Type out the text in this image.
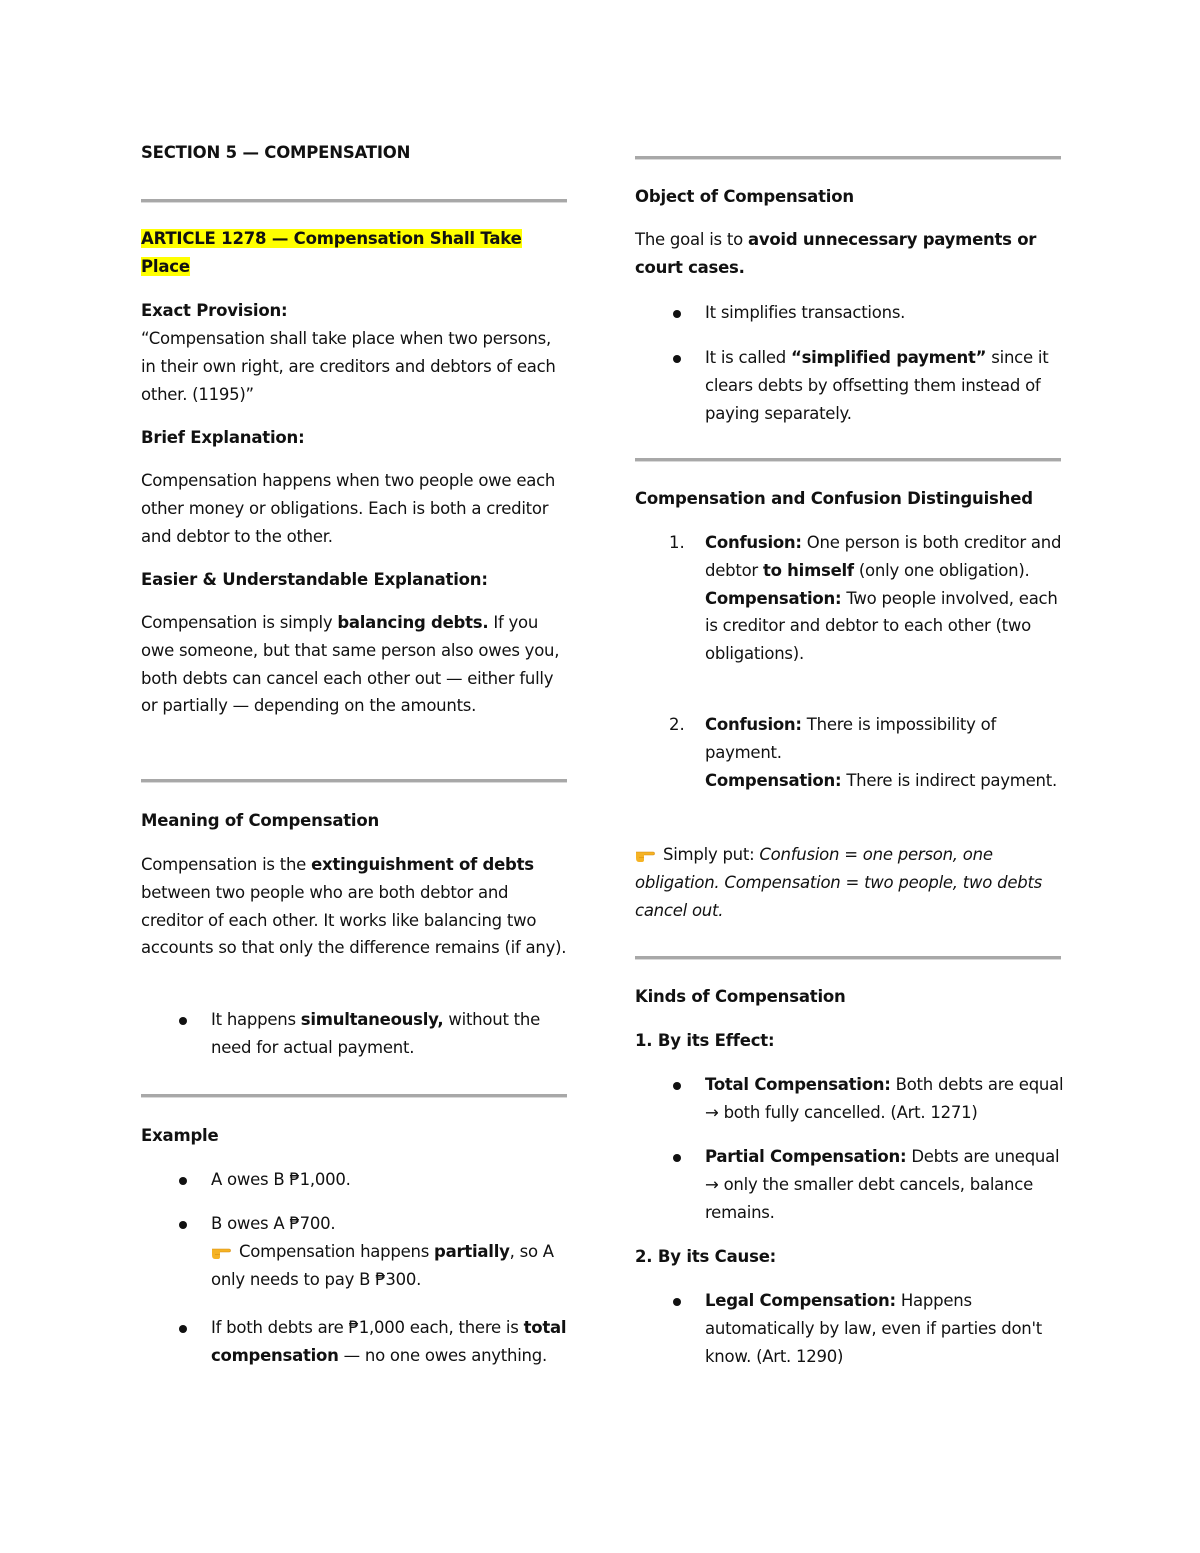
SECTION 5 — COMPENSATION
ARTICLE 1278 — Compensation Shall Take
Place
Exact Provision:
“Compensation shall take place when two persons, in their own right, are creditors and debtors of each other. (1195)”
Brief Explanation:
Compensation happens when two people owe each other money or obligations. Each is both a creditor and debtor to the other.
Easier & Understandable Explanation:
Compensation is simply balancing debts. If you owe someone, but that same person also owes you, both debts can cancel each other out — either fully or partially — depending on the amounts.
Meaning of Compensation
Compensation is the extinguishment of debts between two people who are both debtor and creditor of each other. It works like balancing two accounts so that only the difference remains (if any).
It happens simultaneously, without the need for actual payment.
Example
A owes B ₱1,000.
B owes A ₱700.
Compensation happens partially, so A only needs to pay B ₱300.
If both debts are ₱1,000 each, there is total compensation — no one owes anything.
Object of Compensation
The goal is to avoid unnecessary payments or court cases.
It simplifies transactions.
It is called “simplified payment” since it clears debts by offsetting them instead of paying separately.
Compensation and Confusion Distinguished
1. Confusion: One person is both creditor and debtor to himself (only one obligation).
Compensation: Two people involved, each is creditor and debtor to each other (two obligations).
2. Confusion: There is impossibility of payment.
Compensation: There is indirect payment.
Simply put: Confusion = one person, one obligation. Compensation = two people, two debts cancel out.
Kinds of Compensation
1. By its Effect:
Total Compensation: Both debts are equal → both fully cancelled. (Art. 1271)
Partial Compensation: Debts are unequal → only the smaller debt cancels, balance remains.
2. By its Cause:
Legal Compensation: Happens automatically by law, even if parties don't know. (Art. 1290)
